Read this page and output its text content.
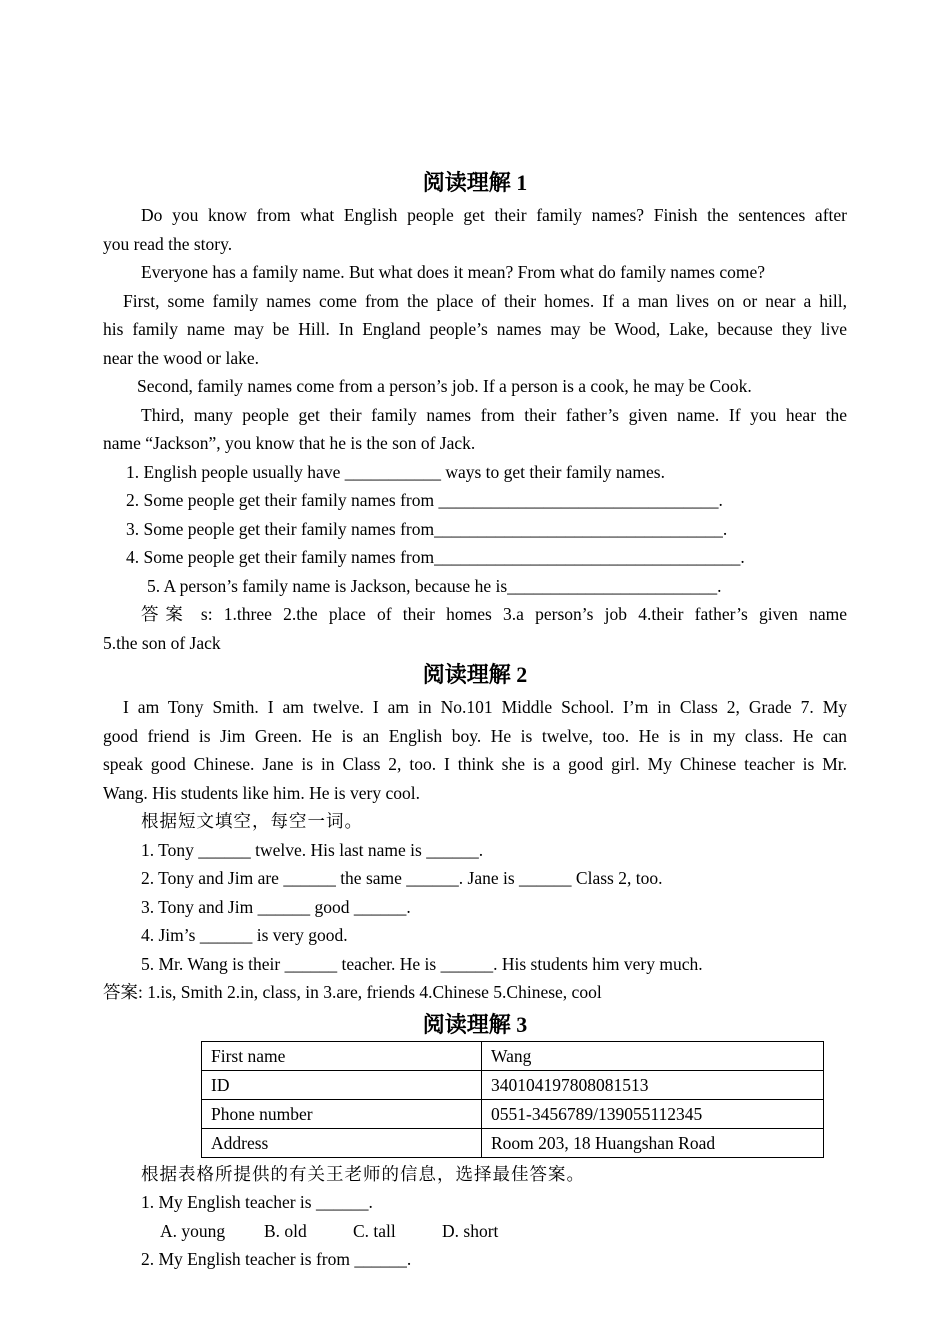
阅读理解 1
Do you know from what English people get their family names? Finish the sentences after
you read the story.
Everyone has a family name. But what does it mean? From what do family names come?
First, some family names come from the place of their homes. If a man lives on or near a hill,
his family name may be Hill. In England people’s names may be Wood, Lake, because they live
near the wood or lake.
Second, family names come from a person’s job. If a person is a cook, he may be Cook.
Third, many people get their family names from their father’s given name. If you hear the
name “Jackson”, you know that he is the son of Jack.
1. English people usually have ___________ ways to get their family names.
2. Some people get their family names from ________________________________.
3. Some people get their family names from_________________________________.
4. Some people get their family names from___________________________________.
5. A person’s family name is Jackson, because he is________________________.
答案 s: 1.three 2.the place of their homes 3.a person’s job 4.their father’s given name
5.the son of Jack
阅读理解 2
I am Tony Smith. I am twelve. I am in No.101 Middle School. I’m in Class 2, Grade 7. My
good friend is Jim Green. He is an English boy. He is twelve, too. He is in my class. He can
speak good Chinese. Jane is in Class 2, too. I think she is a good girl. My Chinese teacher is Mr.
Wang. His students like him. He is very cool.
根据短文填空，每空一词。
1. Tony ______ twelve. His last name is ______.
2. Tony and Jim are ______ the same ______. Jane is ______ Class 2, too.
3. Tony and Jim ______ good ______.
4. Jim’s ______ is very good.
5. Mr. Wang is their ______ teacher. He is ______. His students him very much.
答案: 1.is, Smith 2.in, class, in 3.are, friends 4.Chinese 5.Chinese, cool
阅读理解 3
First name	Wang
ID	340104197808081513
Phone number	0551-3456789/139055112345
Address	Room 203, 18 Huangshan Road
根据表格所提供的有关王老师的信息，选择最佳答案。
1. My English teacher is ______.
A. young B. old	C. tall	D. short
2. My English teacher is from ______.
